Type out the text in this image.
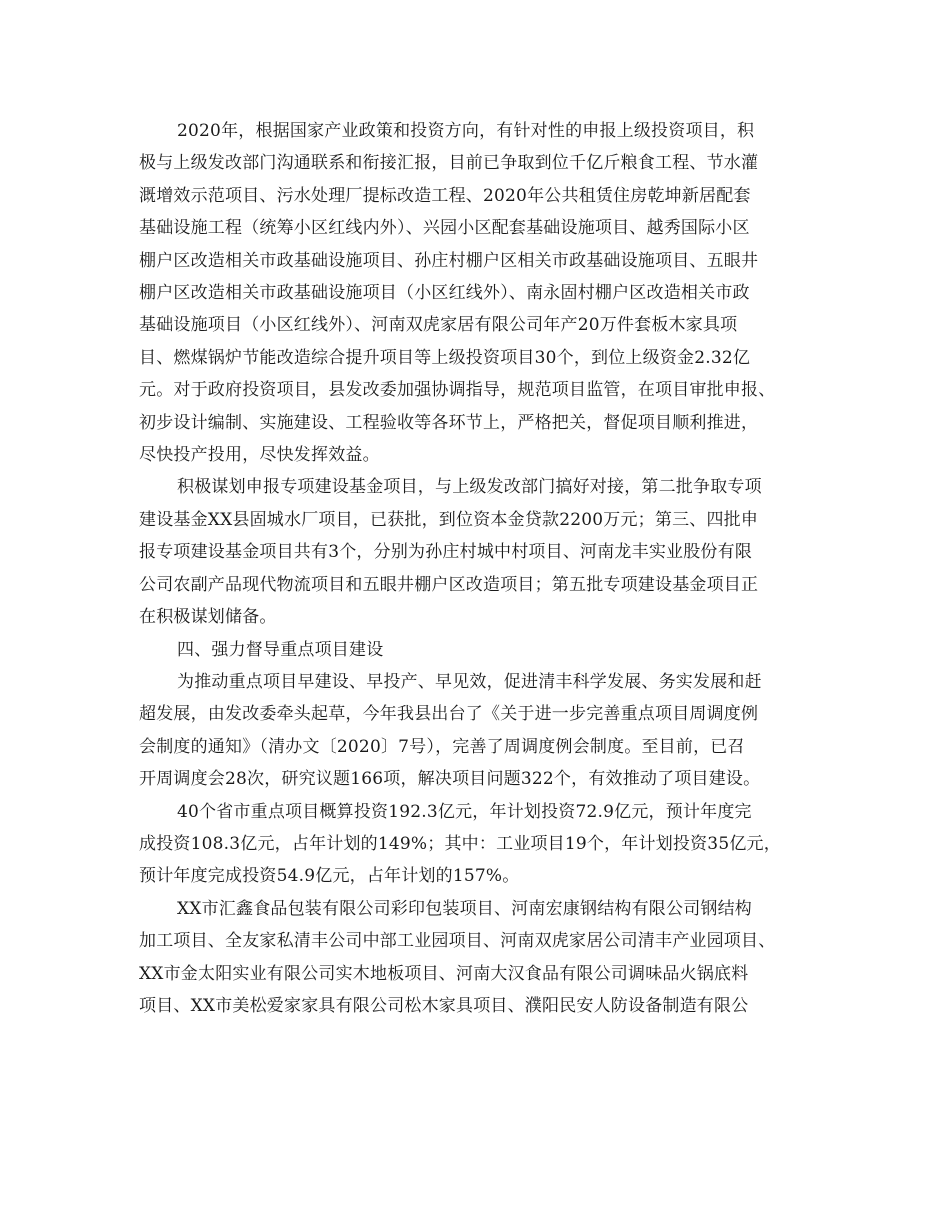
2020年，根据国家产业政策和投资方向，有针对性的申报上级投资项目，积
极与上级发改部门沟通联系和衔接汇报，目前已争取到位千亿斤粮食工程、节水灌
溉增效示范项目、污水处理厂提标改造工程、2020年公共租赁住房乾坤新居配套
基础设施工程（统筹小区红线内外）、兴园小区配套基础设施项目、越秀国际小区
棚户区改造相关市政基础设施项目、孙庄村棚户区相关市政基础设施项目、五眼井
棚户区改造相关市政基础设施项目（小区红线外）、南永固村棚户区改造相关市政
基础设施项目（小区红线外）、河南双虎家居有限公司年产20万件套板木家具项
目、燃煤锅炉节能改造综合提升项目等上级投资项目30个，到位上级资金2.32亿
元。对于政府投资项目，县发改委加强协调指导，规范项目监管，在项目审批申报、
初步设计编制、实施建设、工程验收等各环节上，严格把关，督促项目顺利推进，
尽快投产投用，尽快发挥效益。

积极谋划申报专项建设基金项目，与上级发改部门搞好对接，第二批争取专项
建设基金XX县固城水厂项目，已获批，到位资本金贷款2200万元；第三、四批申
报专项建设基金项目共有3个，分别为孙庄村城中村项目、河南龙丰实业股份有限
公司农副产品现代物流项目和五眼井棚户区改造项目；第五批专项建设基金项目正
在积极谋划储备。

四、强力督导重点项目建设

为推动重点项目早建设、早投产、早见效，促进清丰科学发展、务实发展和赶
超发展，由发改委牵头起草，今年我县出台了《关于进一步完善重点项目周调度例
会制度的通知》（清办文〔2020〕7号），完善了周调度例会制度。至目前，已召
开周调度会28次，研究议题166项，解决项目问题322个，有效推动了项目建设。

40个省市重点项目概算投资192.3亿元，年计划投资72.9亿元，预计年度完
成投资108.3亿元，占年计划的149%；其中：工业项目19个，年计划投资35亿元，
预计年度完成投资54.9亿元，占年计划的157%。

XX市汇鑫食品包装有限公司彩印包装项目、河南宏康钢结构有限公司钢结构
加工项目、全友家私清丰公司中部工业园项目、河南双虎家居公司清丰产业园项目、
XX市金太阳实业有限公司实木地板项目、河南大汉食品有限公司调味品火锅底料
项目、XX市美松爱家家具有限公司松木家具项目、濮阳民安人防设备制造有限公
